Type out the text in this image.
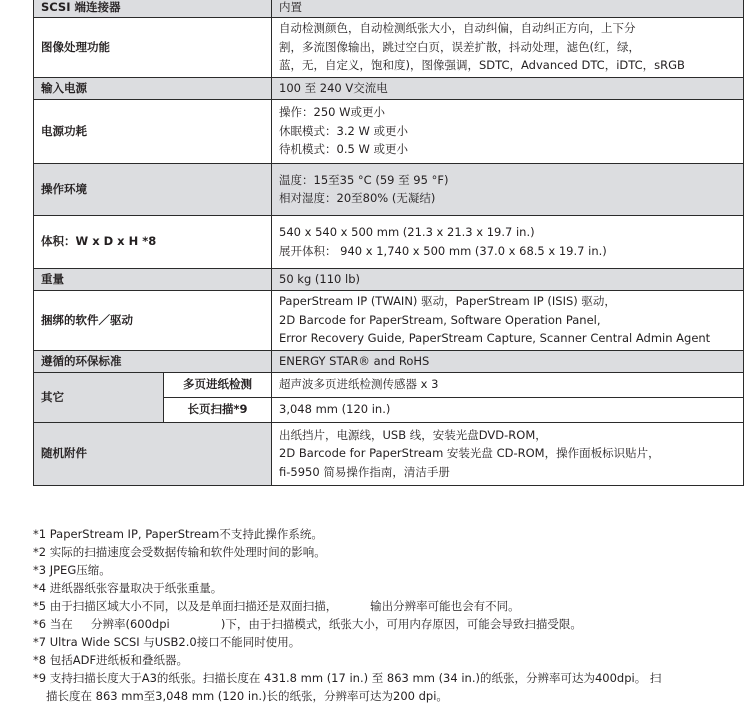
SCSI 端连接器		内置
图像处理功能		自动检测颜色，自动检测纸张大小，自动纠偏，自动纠正方向，上下分
割，多流图像输出，跳过空白页，误差扩散，抖动处理，滤色(红，绿，
蓝，无，自定义，饱和度)，图像强调，SDTC，Advanced DTC，iDTC，sRGB

输入电源		100 至 240 V交流电
电源功耗		操作：250 W或更小
休眠模式：3.2 W 或更小
待机模式：0.5 W 或更小

操作环境		温度：15至35 °C (59 至 95 °F)
相对湿度：20至80% (无凝结)

体积：W x D x H *8		540 x 540 x 500 mm (21.3 x 21.3 x 19.7 in.)
展开体积： 940 x 1,740 x 500 mm (37.0 x 68.5 x 19.7 in.)

重量		50 kg (110 lb)
捆绑的软件／驱动		PaperStream IP (TWAIN) 驱动，PaperStream IP (ISIS) 驱动，
2D Barcode for PaperStream, Software Operation Panel,
Error Recovery Guide, PaperStream Capture, Scanner Central Admin Agent

遵循的环保标准		ENERGY STAR® and RoHS
其它	多页进纸检测	超声波多页进纸检测传感器 x 3
	长页扫描*9	3,048 mm (120 in.)
随机附件		出纸挡片，电源线，USB 线，安装光盘DVD-ROM，
2D Barcode for PaperStream 安装光盘 CD-ROM，操作面板标识贴片，
fi-5950 简易操作指南，清洁手册
*1 PaperStream IP, PaperStream不支持此操作系统。
*2 实际的扫描速度会受数据传输和软件处理时间的影响。
*3 JPEG压缩。
*4 进纸器纸张容量取决于纸张重量。
*5 由于扫描区域大小不同，以及是单面扫描还是双面扫描，         输出分辨率可能也会有不同。
*6 当在     分辨率(600dpi              )下，由于扫描模式，纸张大小，可用内存原因，可能会导致扫描受限。
*7 Ultra Wide SCSI 与USB2.0接口不能同时使用。
*8 包括ADF进纸板和叠纸器。
*9 支持扫描长度大于A3的纸张。扫描长度在 431.8 mm (17 in.) 至 863 mm (34 in.)的纸张，分辨率可达为400dpi。 扫
描长度在 863 mm至3,048 mm (120 in.)长的纸张，分辨率可达为200 dpi。
